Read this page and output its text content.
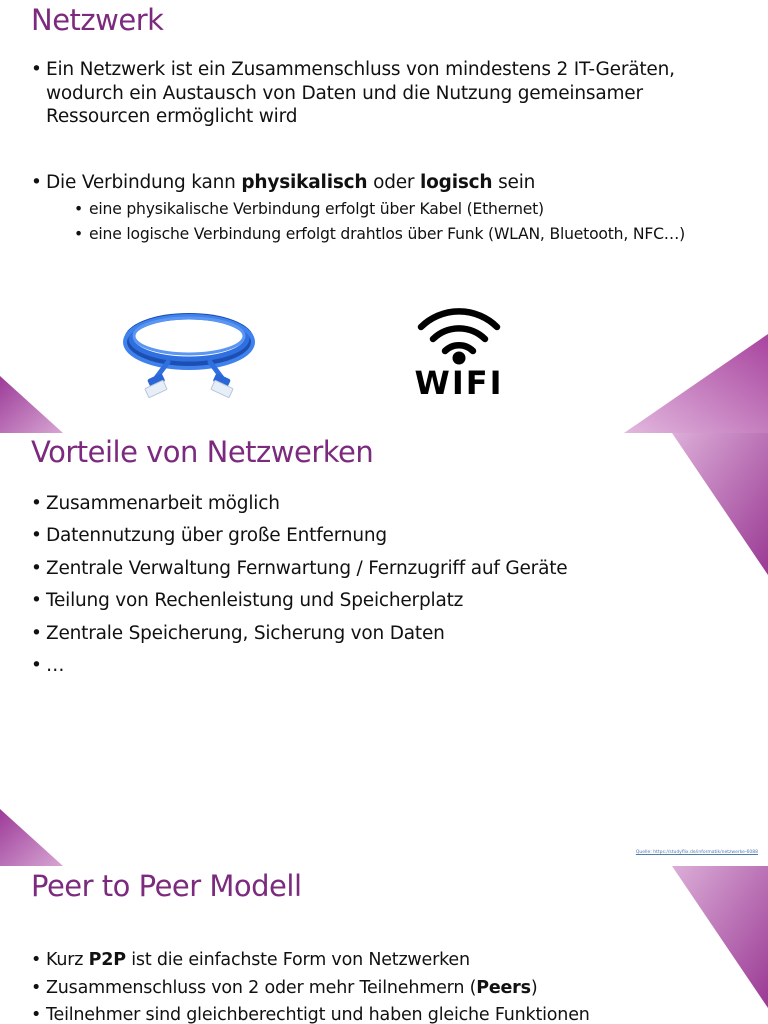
Netzwerk
• Ein Netzwerk ist ein Zusammenschluss von mindestens 2 IT-Geräten,
wodurch ein Austausch von Daten und die Nutzung gemeinsamer
Ressourcen ermöglicht wird
• Die Verbindung kann physikalisch oder logisch sein
• eine physikalische Verbindung erfolgt über Kabel (Ethernet)
• eine logische Verbindung erfolgt drahtlos über Funk (WLAN, Bluetooth, NFC…)
WIFI
Vorteile von Netzwerken
• Zusammenarbeit möglich
• Datennutzung über große Entfernung
• Zentrale Verwaltung Fernwartung / Fernzugriff auf Geräte
• Teilung von Rechenleistung und Speicherplatz
• Zentrale Speicherung, Sicherung von Daten
• …
Quelle: https://studyflix.de/informatik/netzwerke-6088
Peer to Peer Modell
• Kurz P2P ist die einfachste Form von Netzwerken
• Zusammenschluss von 2 oder mehr Teilnehmern (Peers)
• Teilnehmer sind gleichberechtigt und haben gleiche Funktionen
